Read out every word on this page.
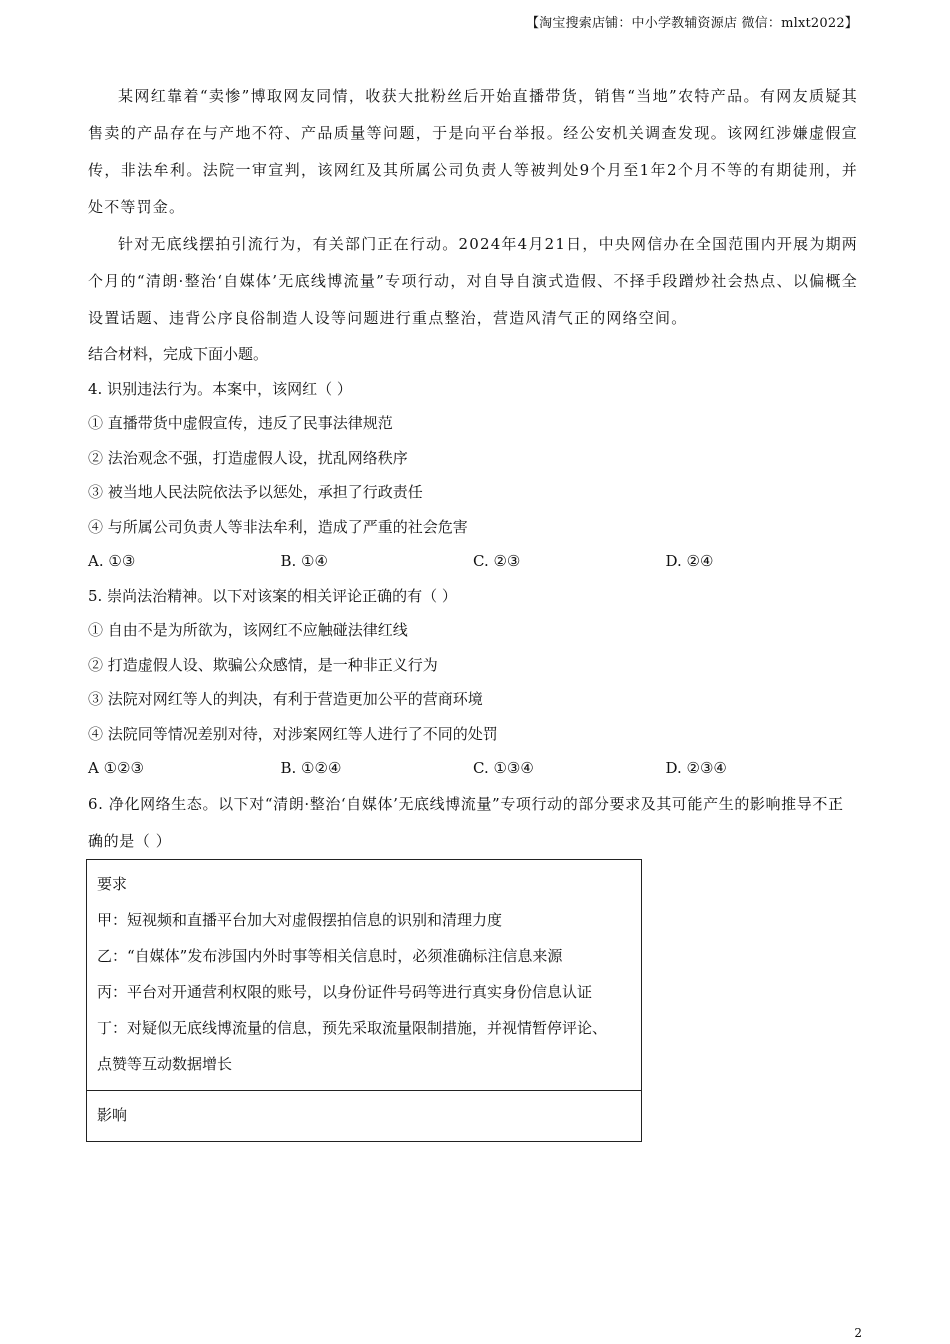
【淘宝搜索店铺：中小学教辅资源店 微信：mlxt2022】

某网红靠着“卖惨”博取网友同情，收获大批粉丝后开始直播带货，销售“当地”农特产品。有网友质疑其售卖的产品存在与产地不符、产品质量等问题，于是向平台举报。经公安机关调查发现。该网红涉嫌虚假宣传，非法牟利。法院一审宣判，该网红及其所属公司负责人等被判处9个月至1年2个月不等的有期徒刑，并处不等罚金。

针对无底线摆拍引流行为，有关部门正在行动。2024年4月21日，中央网信办在全国范围内开展为期两个月的“清朗·整治‘自媒体’无底线博流量”专项行动，对自导自演式造假、不择手段蹭炒社会热点、以偏概全设置话题、违背公序良俗制造人设等问题进行重点整治，营造风清气正的网络空间。

结合材料，完成下面小题。

4. 识别违法行为。本案中，该网红（ ）

① 直播带货中虚假宣传，违反了民事法律规范

② 法治观念不强，打造虚假人设，扰乱网络秩序

③ 被当地人民法院依法予以惩处，承担了行政责任

④ 与所属公司负责人等非法牟利，造成了严重的社会危害

A. ①③	B. ①④	C. ②③	D. ②④

5. 崇尚法治精神。以下对该案的相关评论正确的有（ ）

① 自由不是为所欲为，该网红不应触碰法律红线

② 打造虚假人设、欺骗公众感情，是一种非正义行为

③ 法院对网红等人的判决，有利于营造更加公平的营商环境

④ 法院同等情况差别对待，对涉案网红等人进行了不同的处罚

A ①②③	B. ①②④	C. ①③④	D. ②③④

6. 净化网络生态。以下对“清朗·整治‘自媒体’无底线博流量”专项行动的部分要求及其可能产生的影响推导不正确的是（ ）

要求
甲：短视频和直播平台加大对虚假摆拍信息的识别和清理力度
乙：“自媒体”发布涉国内外时事等相关信息时，必须准确标注信息来源
丙：平台对开通营利权限的账号，以身份证件号码等进行真实身份信息认证
丁：对疑似无底线博流量的信息，预先采取流量限制措施，并视情暂停评论、点赞等互动数据增长
影响
2
